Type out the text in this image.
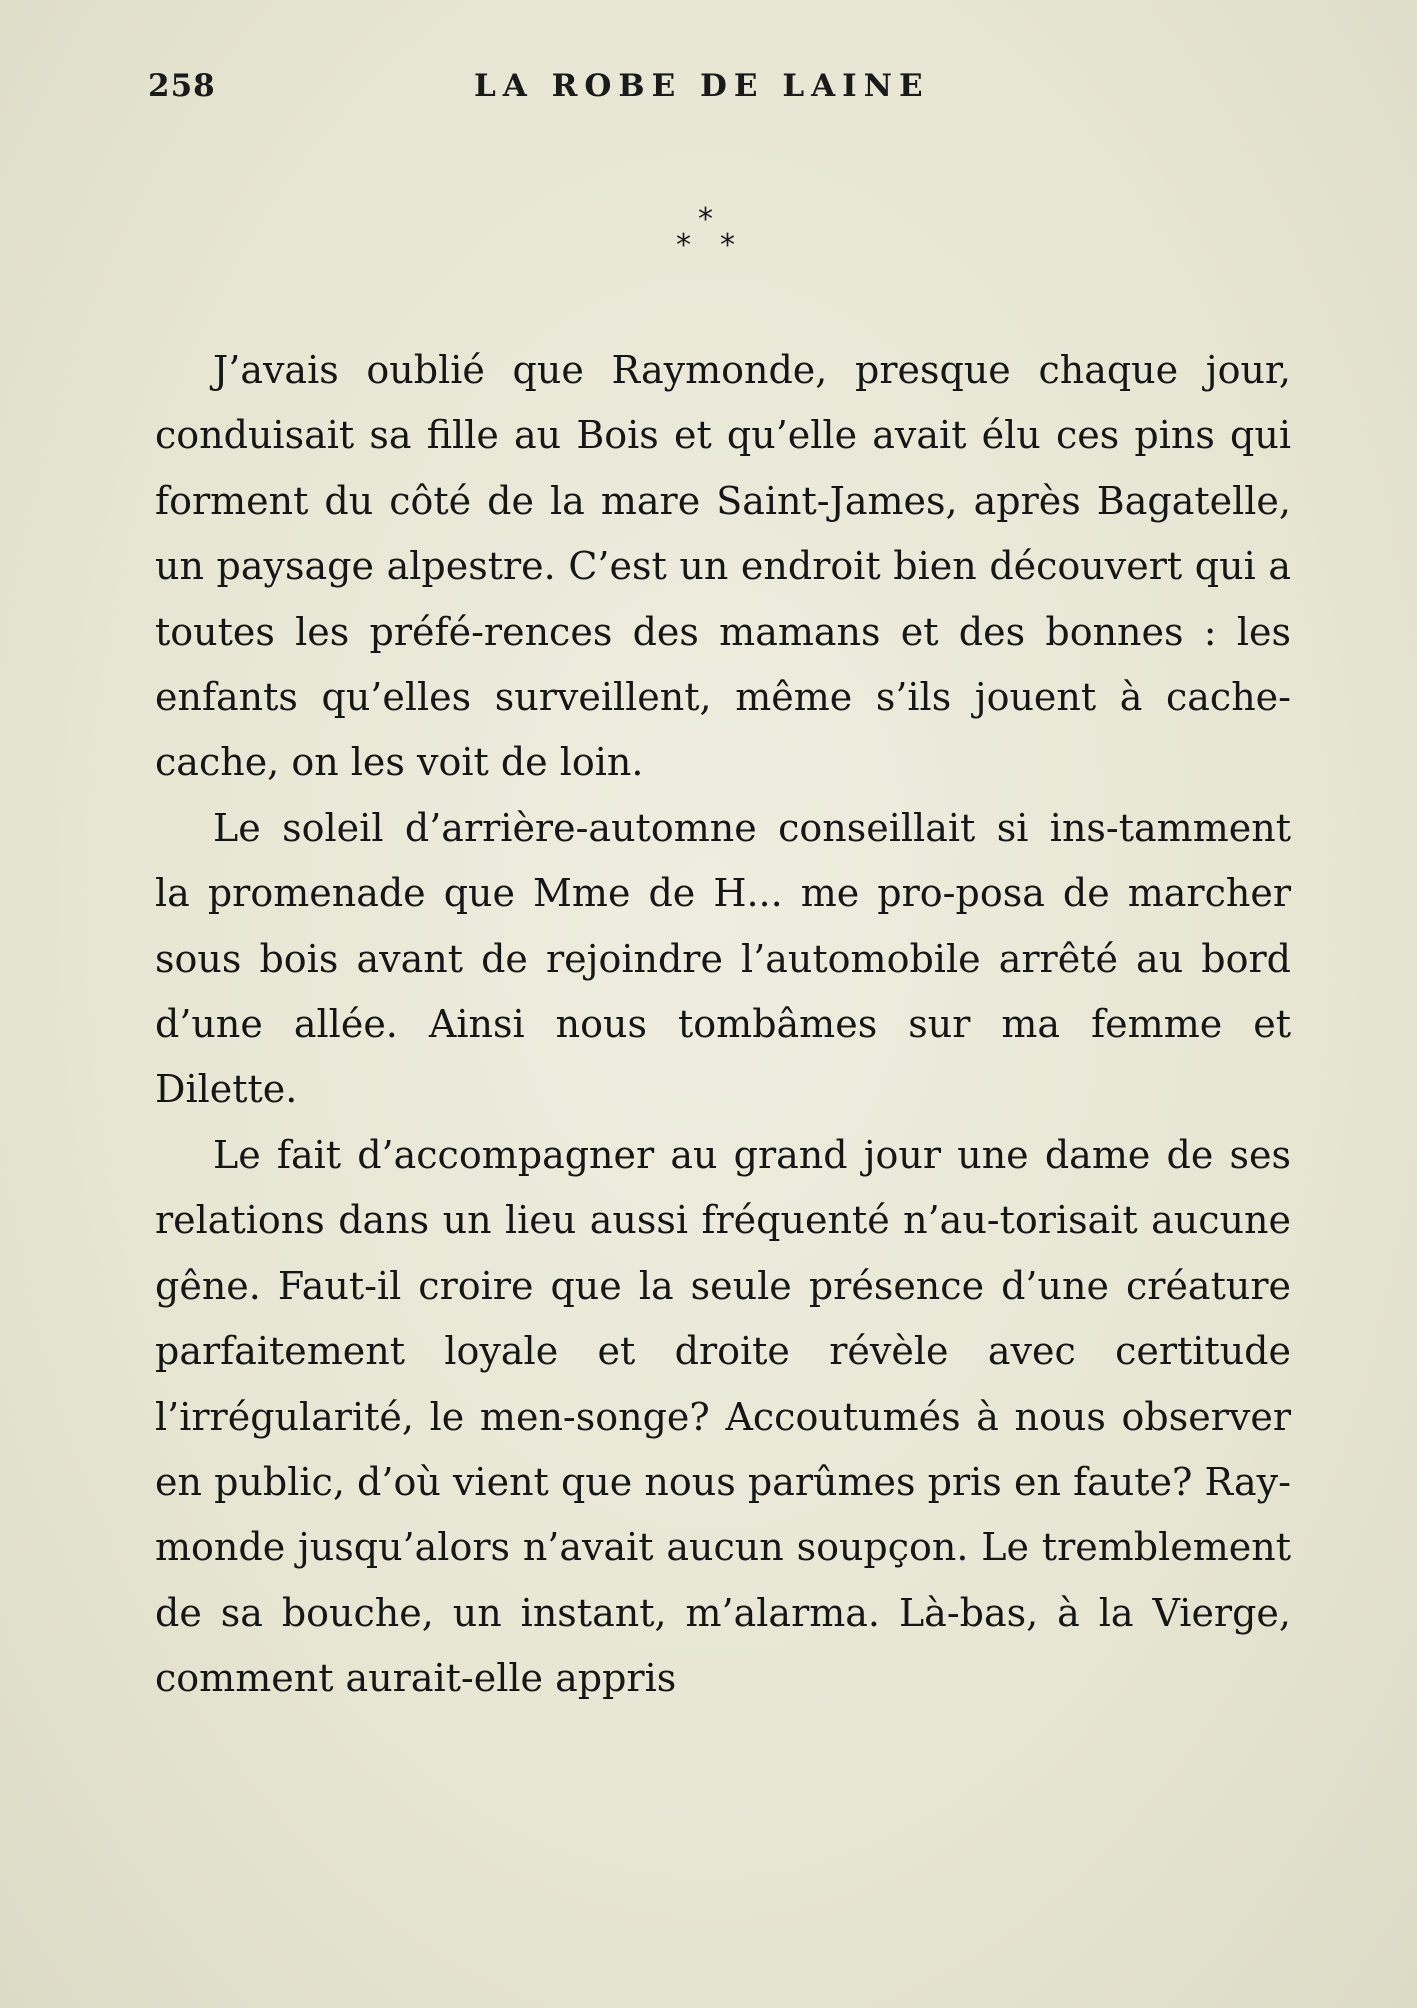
258	LA ROBE DE LAINE
*
* *

J’avais oublié que Raymonde, presque chaque jour, conduisait sa fille au Bois et qu’elle avait élu ces pins qui forment du côté de la mare Saint-James, après Bagatelle, un paysage alpestre. C’est un endroit bien découvert qui a toutes les préfé-rences des mamans et des bonnes : les enfants qu’elles surveillent, même s’ils jouent à cache-cache, on les voit de loin.

Le soleil d’arrière-automne conseillait si ins-tamment la promenade que Mme de H... me pro-posa de marcher sous bois avant de rejoindre l’automobile arrêté au bord d’une allée. Ainsi nous tombâmes sur ma femme et Dilette.

Le fait d’accompagner au grand jour une dame de ses relations dans un lieu aussi fréquenté n’au-torisait aucune gêne. Faut-il croire que la seule présence d’une créature parfaitement loyale et droite révèle avec certitude l’irrégularité, le men-songe? Accoutumés à nous observer en public, d’où vient que nous parûmes pris en faute? Ray-monde jusqu’alors n’avait aucun soupçon. Le tremblement de sa bouche, un instant, m’alarma. Là-bas, à la Vierge, comment aurait-elle appris
